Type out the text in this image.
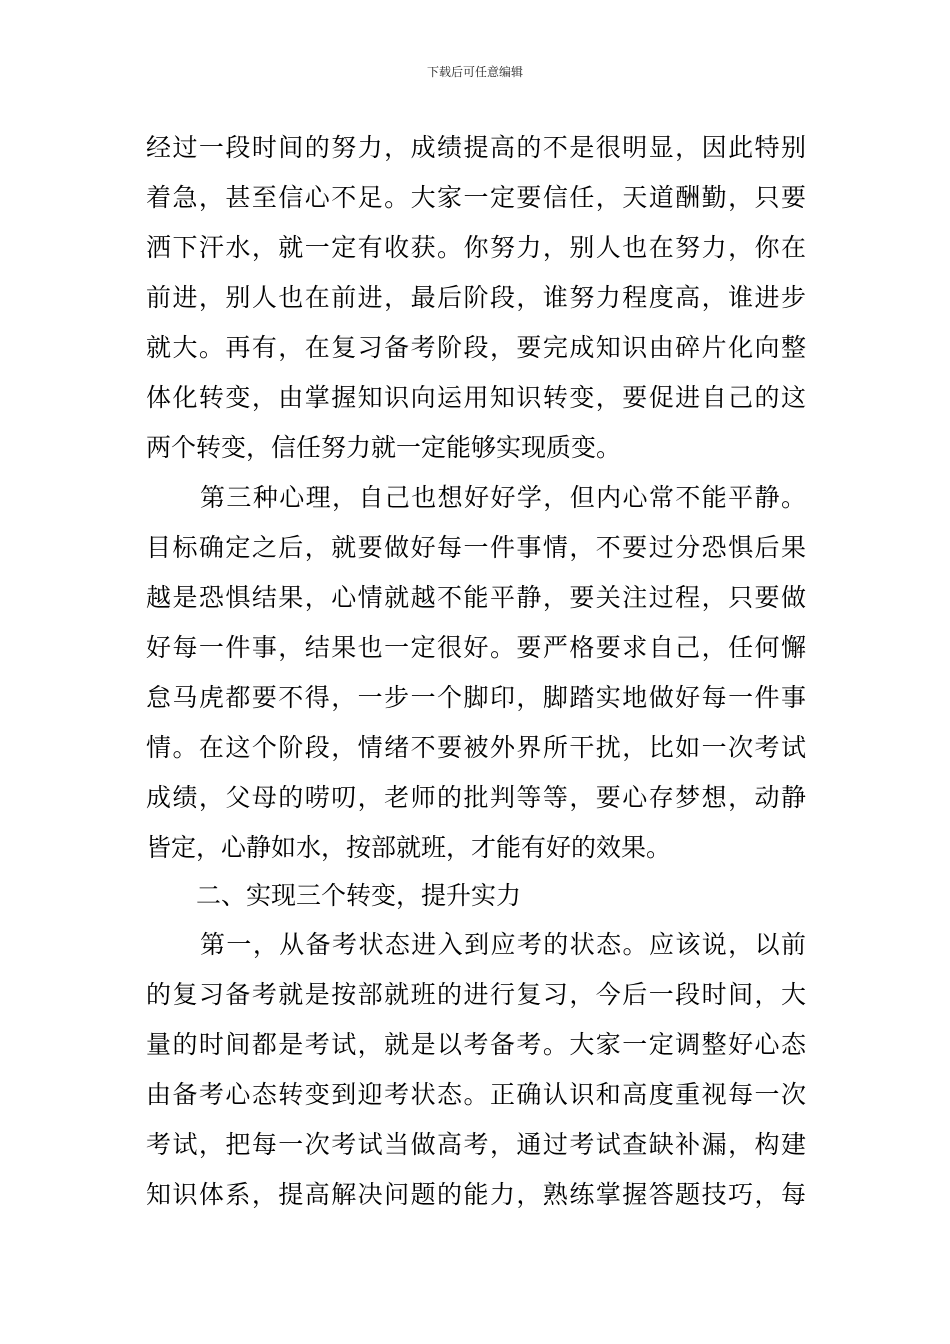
下载后可任意编辑
经过一段时间的努力，成绩提高的不是很明显，因此特别
着急，甚至信心不足。大家一定要信任，天道酬勤，只要
洒下汗水，就一定有收获。你努力，别人也在努力，你在
前进，别人也在前进，最后阶段，谁努力程度高，谁进步
就大。再有，在复习备考阶段，要完成知识由碎片化向整
体化转变，由掌握知识向运用知识转变，要促进自己的这
两个转变，信任努力就一定能够实现质变。
第三种心理，自己也想好好学，但内心常不能平静。
目标确定之后，就要做好每一件事情，不要过分恐惧后果
越是恐惧结果，心情就越不能平静，要关注过程，只要做
好每一件事，结果也一定很好。要严格要求自己，任何懈
怠马虎都要不得，一步一个脚印，脚踏实地做好每一件事
情。在这个阶段，情绪不要被外界所干扰，比如一次考试
成绩，父母的唠叨，老师的批判等等，要心存梦想，动静
皆定，心静如水，按部就班，才能有好的效果。
二、实现三个转变，提升实力
第一，从备考状态进入到应考的状态。应该说，以前
的复习备考就是按部就班的进行复习，今后一段时间，大
量的时间都是考试，就是以考备考。大家一定调整好心态
由备考心态转变到迎考状态。正确认识和高度重视每一次
考试，把每一次考试当做高考，通过考试查缺补漏，构建
知识体系，提高解决问题的能力，熟练掌握答题技巧，每
